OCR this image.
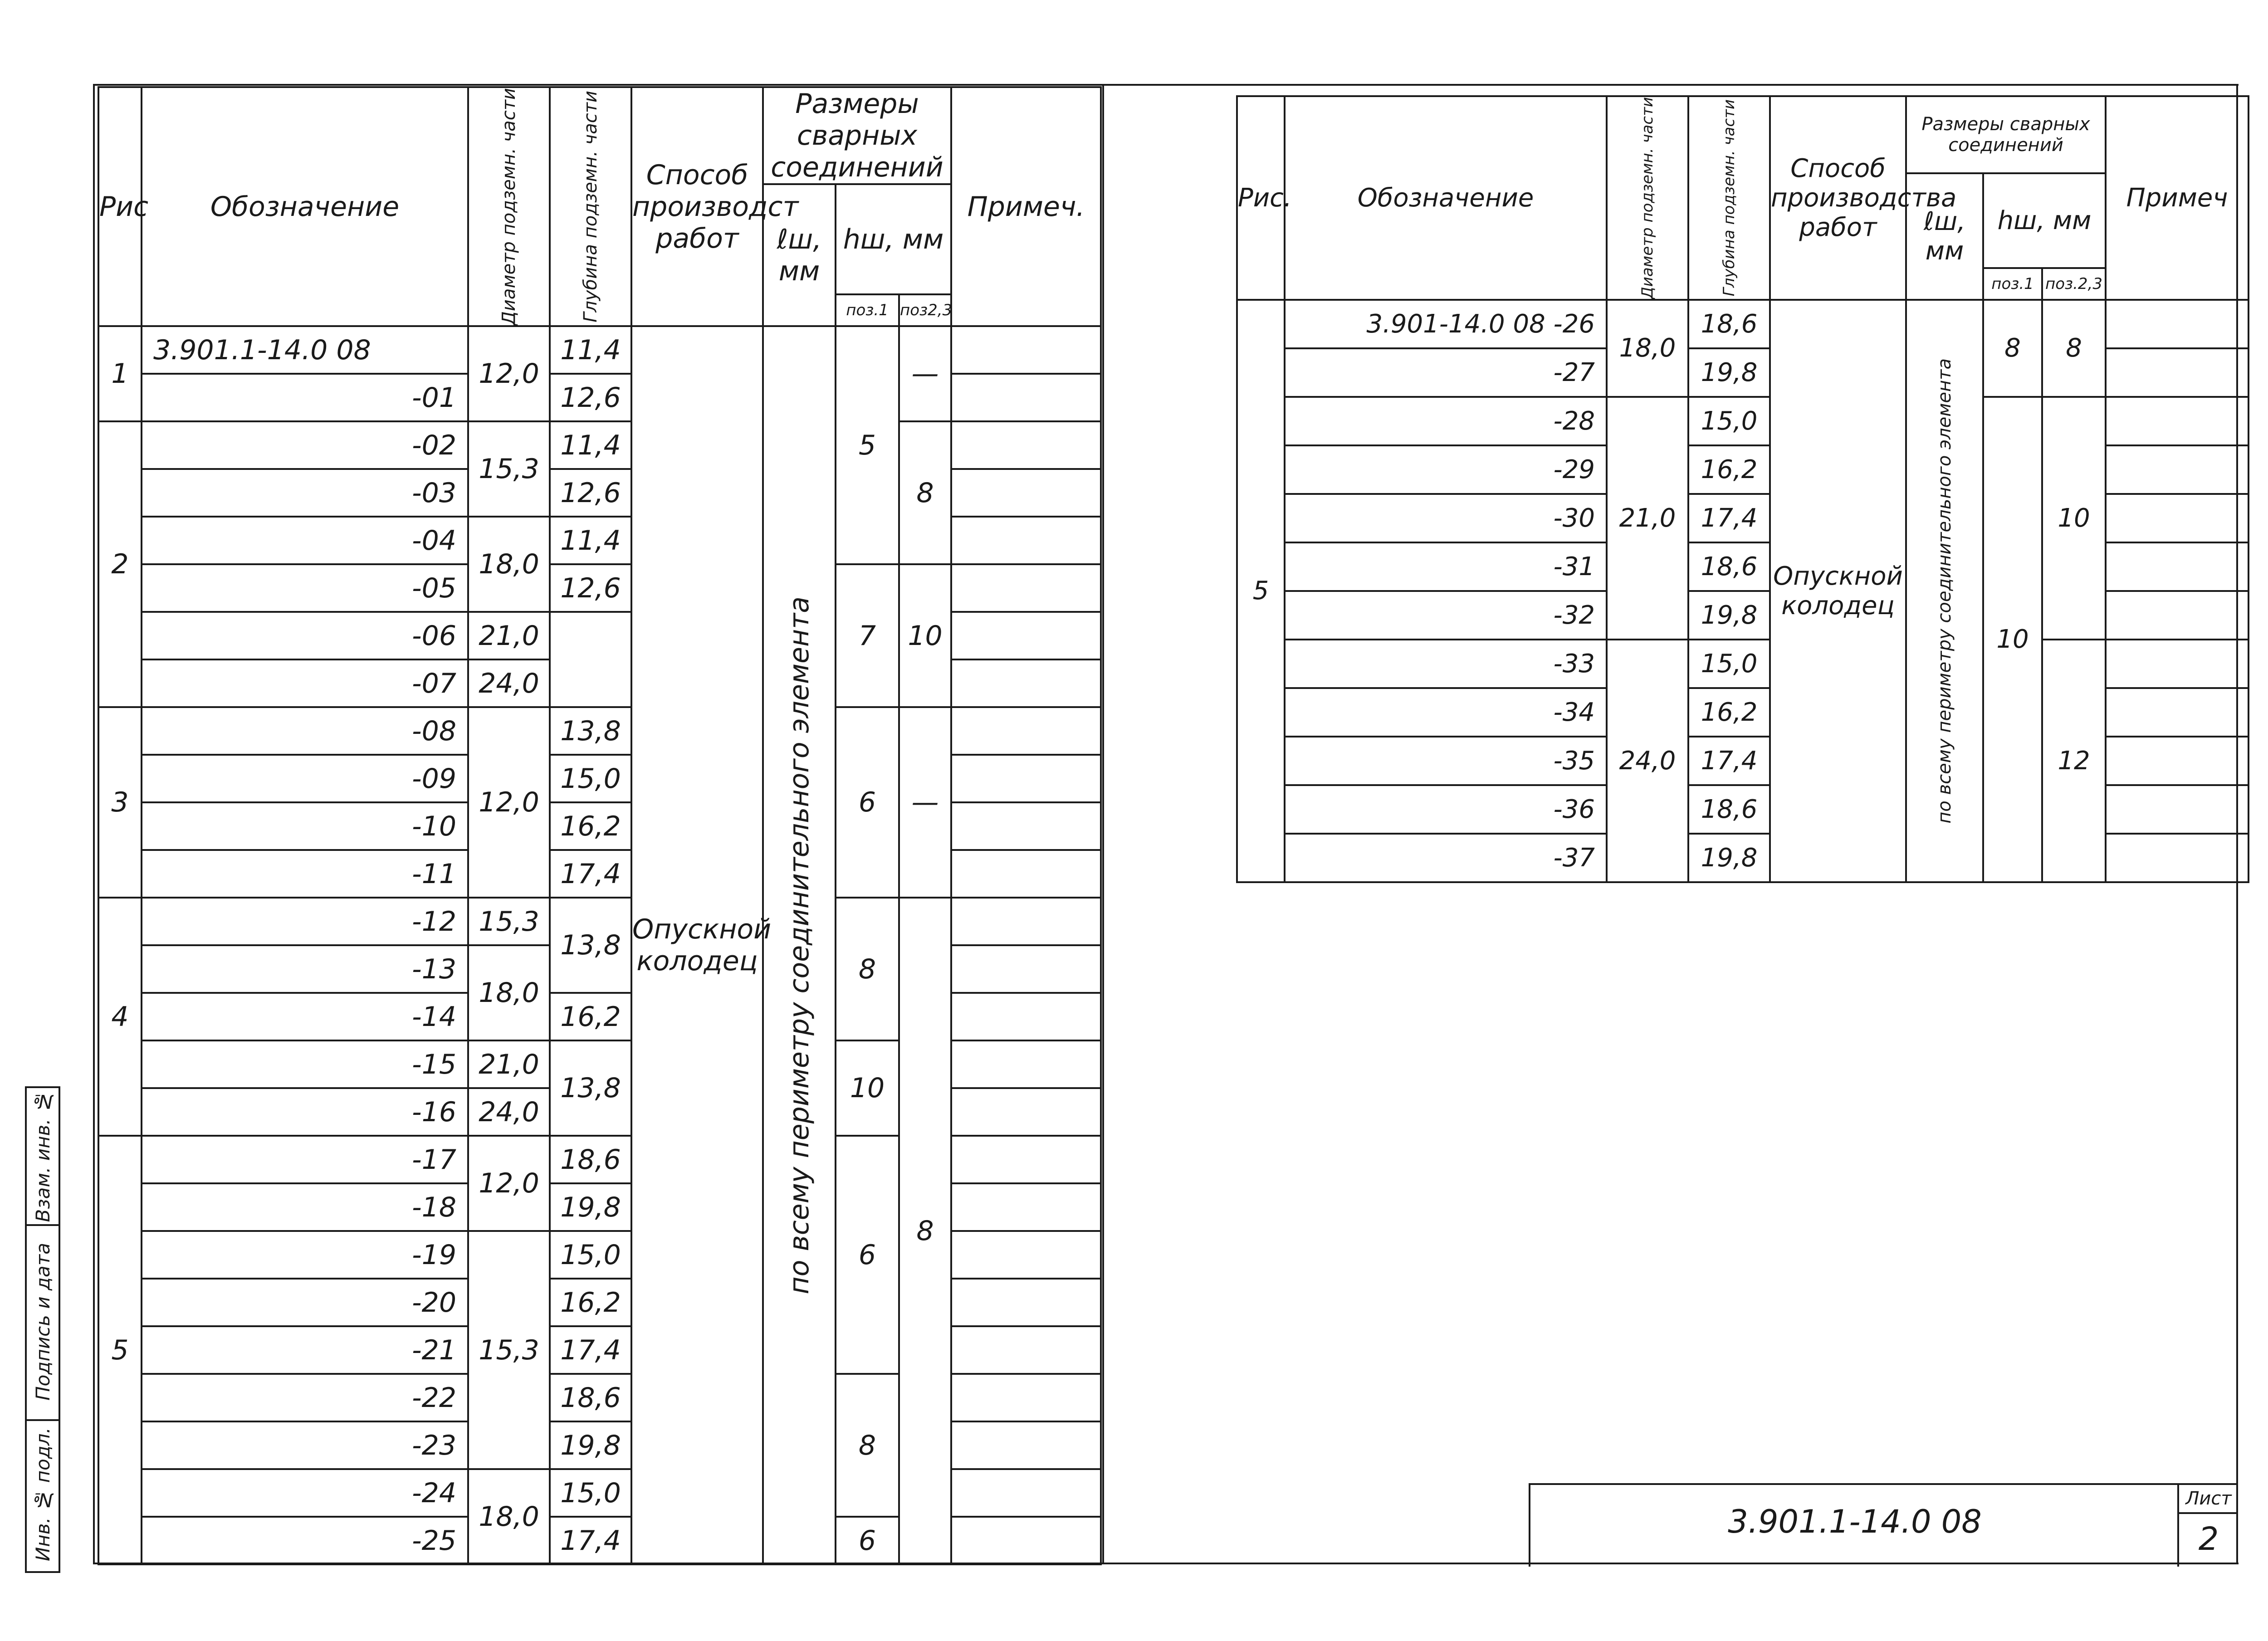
Рис	Обозначение	Диаметр подземн. части	Глубина подземн. части	Способ производст работ	Размеры сварных соединений			Примеч.
					ℓш, мм	hш, мм		
						поз.1	поз2,3	
1	3.901.1-14.0 08	12,0	11,4	Опускной колодец	по всему периметру соединительного элемента	5	—	
	-01		12,6					
2	-02	15,3	11,4				8	
	-03		12,6					
	-04	18,0	11,4					
	-05		12,6			7	10	
	-06	21,0						
	-07	24,0						
3	-08	12,0	13,8			6	—	
	-09		15,0					
	-10		16,2					
	-11		17,4					
4	-12	15,3	13,8			8	8	
	-13	18,0						
	-14		16,2					
	-15	21,0	13,8			10		
	-16	24,0						
5	-17	12,0	18,6			6		
	-18		19,8					
	-19	15,3	15,0					
	-20		16,2					
	-21		17,4					
	-22		18,6			8		
	-23		19,8					
	-24	18,0	15,0					
	-25		17,4			6		
Рис.	Обозначение	Диаметр подземн. части	Глубина подземн. части	Способ производства работ	Размеры сварных соединений			Примеч
					ℓш, мм	hш, мм		
						поз.1	поз.2,3	
5	3.901-14.0 08 -26	18,0	18,6	Опускной колодец	по всему периметру соединительного элемента	8	8	
	-27		19,8					
	-28	21,0	15,0			10	10	
	-29		16,2					
	-30		17,4					
	-31		18,6					
	-32		19,8					
	-33	24,0	15,0				12	
	-34		16,2					
	-35		17,4					
	-36		18,6					
	-37		19,8					
Взам. инв. №
Подпись и дата
Инв. № подл.	3.901.1-14.0 08
Лист
2
